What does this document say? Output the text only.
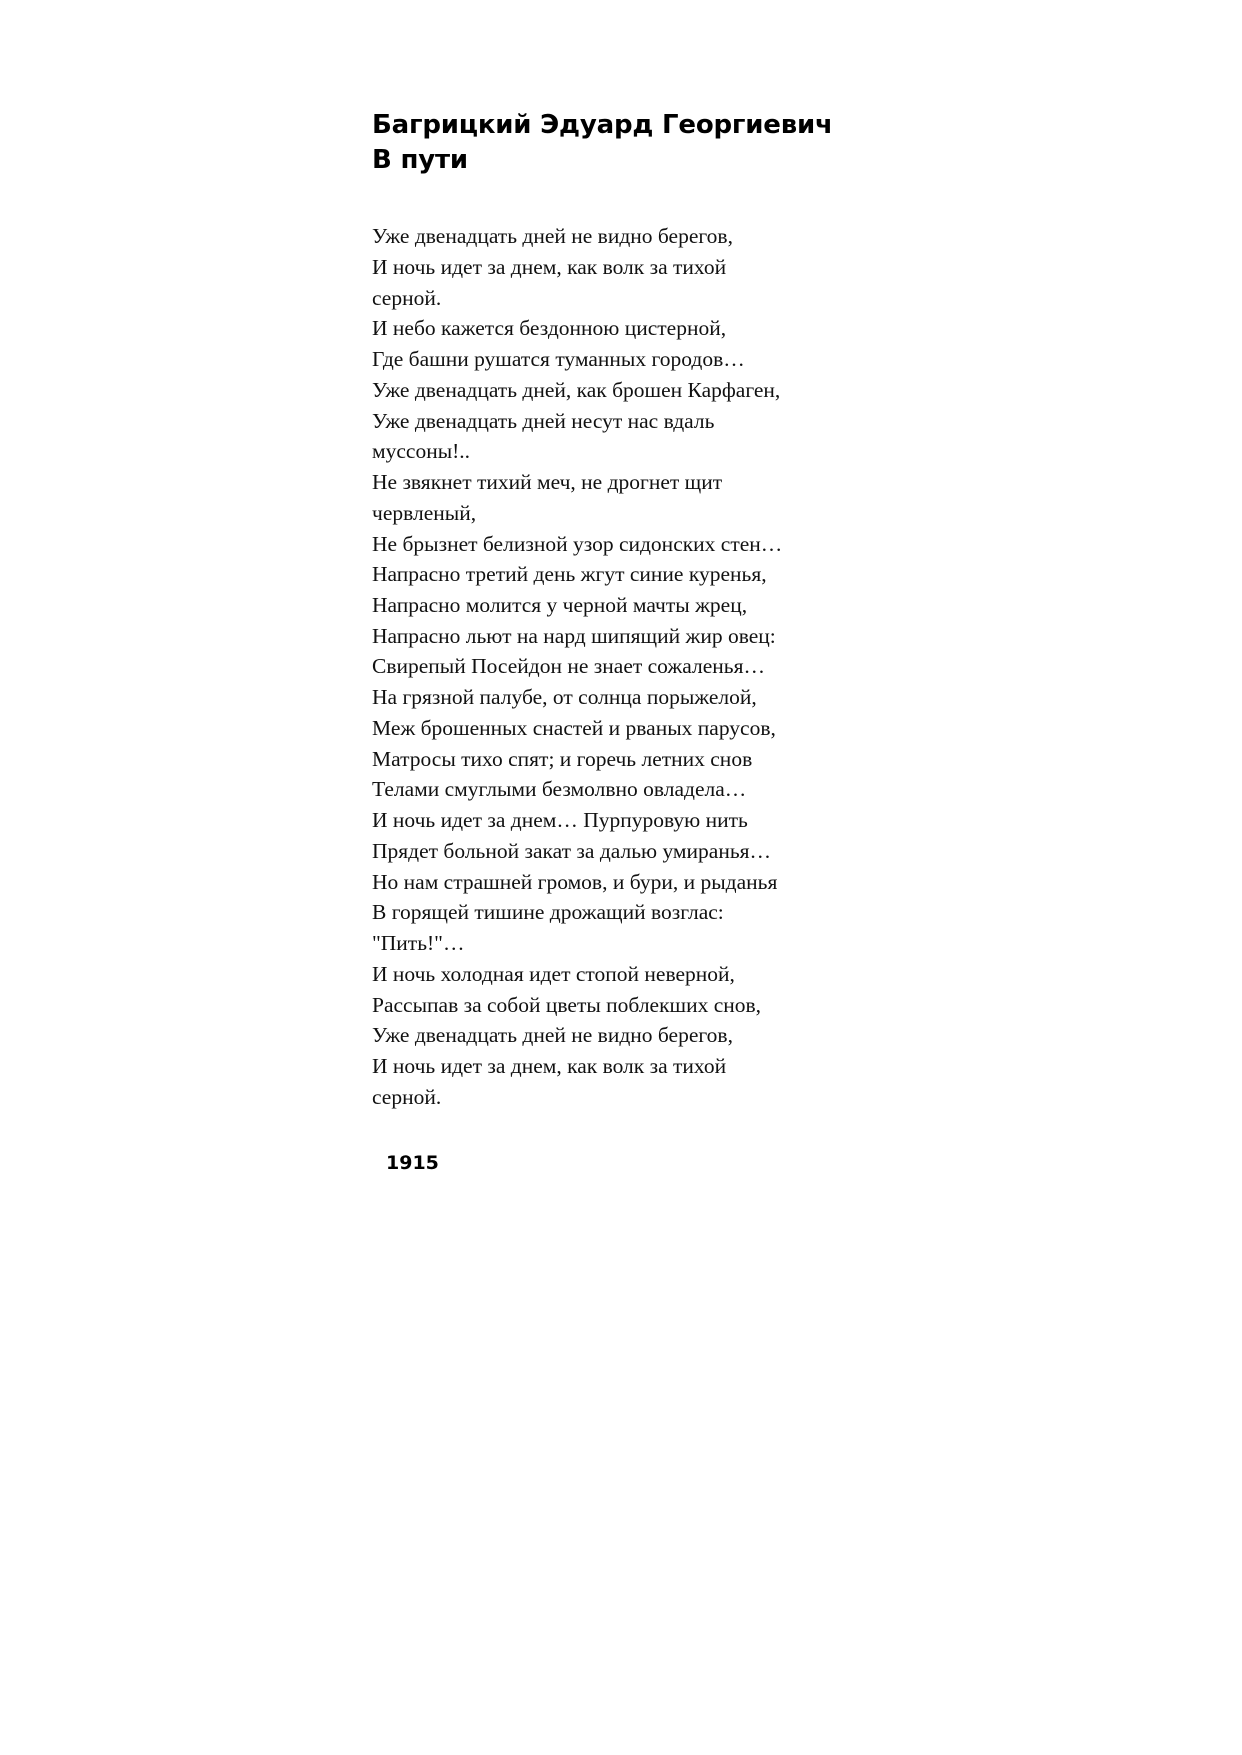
Багрицкий Эдуард Георгиевич
В пути
Уже двенадцать дней не видно берегов,
И ночь идет за днем, как волк за тихой
серной.
И небо кажется бездонною цистерной,
Где башни рушатся туманных городов…
Уже двенадцать дней, как брошен Карфаген,
Уже двенадцать дней несут нас вдаль
муссоны!..
Не звякнет тихий меч, не дрогнет щит
червленый,
Не брызнет белизной узор сидонских стен…
Напрасно третий день жгут синие куренья,
Напрасно молится у черной мачты жрец,
Напрасно льют на нард шипящий жир овец:
Свирепый Посейдон не знает сожаленья…
На грязной палубе, от солнца порыжелой,
Меж брошенных снастей и рваных парусов,
Матросы тихо спят; и горечь летних снов
Телами смуглыми безмолвно овладела…
И ночь идет за днем… Пурпуровую нить
Прядет больной закат за далью умиранья…
Но нам страшней громов, и бури, и рыданья
В горящей тишине дрожащий возглас:
"Пить!"…
И ночь холодная идет стопой неверной,
Рассыпав за собой цветы поблекших снов,
Уже двенадцать дней не видно берегов,
И ночь идет за днем, как волк за тихой
серной.
1915
